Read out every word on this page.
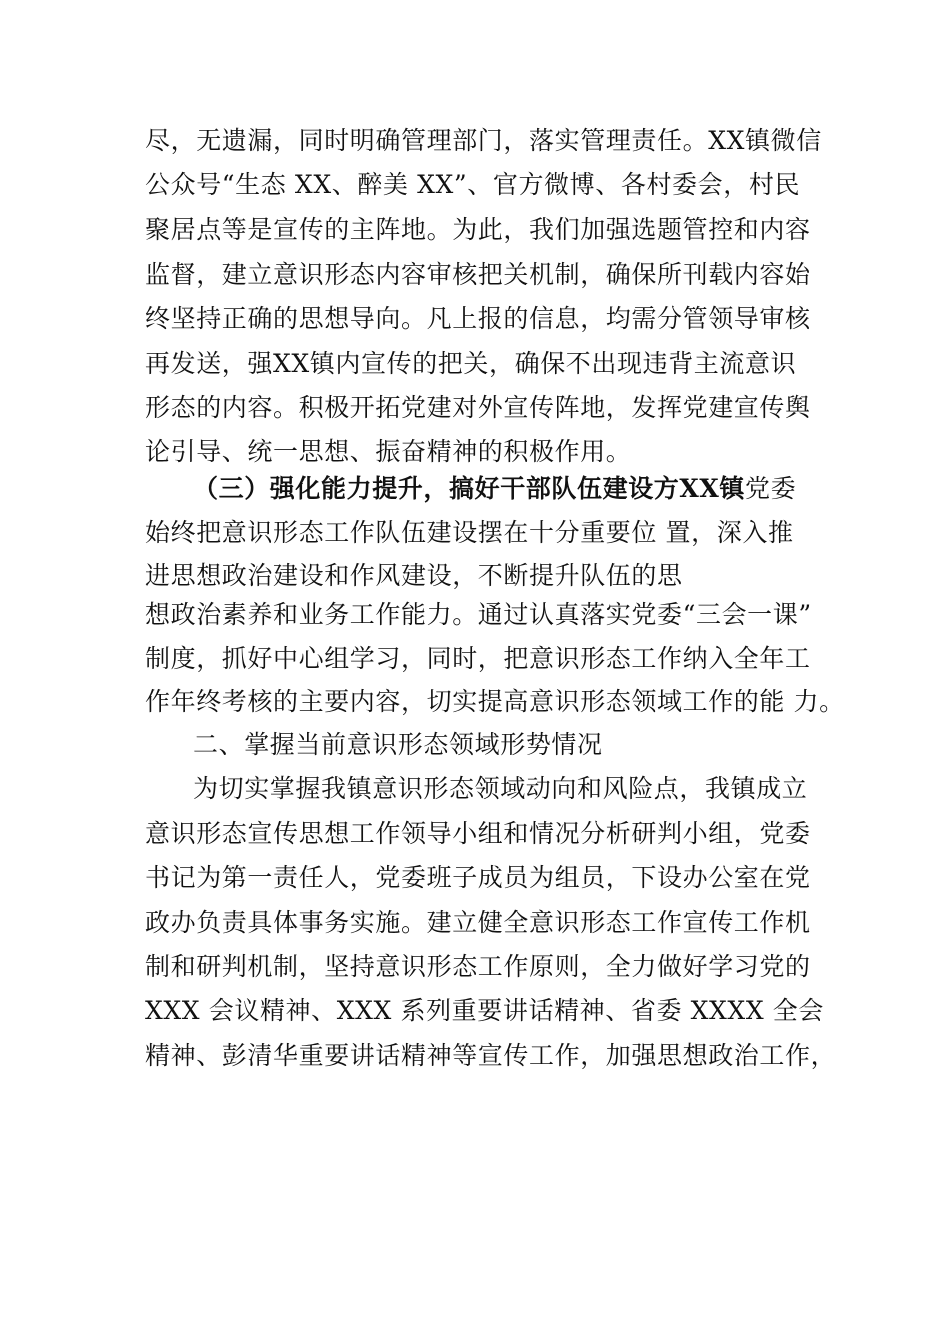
尽，无遗漏，同时明确管理部门，落实管理责任。XX镇微信
公众号“生态 XX、醉美 XX”、官方微博、各村委会，村民
聚居点等是宣传的主阵地。为此，我们加强选题管控和内容
监督，建立意识形态内容审核把关机制，确保所刊载内容始
终坚持正确的思想导向。凡上报的信息，均需分管领导审核
再发送，强XX镇内宣传的把关，确保不出现违背主流意识
形态的内容。积极开拓党建对外宣传阵地，发挥党建宣传舆
论引导、统一思想、振奋精神的积极作用。
（三）强化能力提升，搞好干部队伍建设方XX镇党委
始终把意识形态工作队伍建设摆在十分重要位 置，深入推
进思想政治建设和作风建设，不断提升队伍的思
想政治素养和业务工作能力。通过认真落实党委“三会一课”
制度，抓好中心组学习，同时，把意识形态工作纳入全年工
作年终考核的主要内容，切实提高意识形态领域工作的能 力。
二、掌握当前意识形态领域形势情况
为切实掌握我镇意识形态领域动向和风险点，我镇成立
意识形态宣传思想工作领导小组和情况分析研判小组，党委
书记为第一责任人，党委班子成员为组员，下设办公室在党
政办负责具体事务实施。建立健全意识形态工作宣传工作机
制和研判机制，坚持意识形态工作原则，全力做好学习党的
XXX 会议精神、XXX 系列重要讲话精神、省委 XXXX 全会
精神、彭清华重要讲话精神等宣传工作，加强思想政治工作，
